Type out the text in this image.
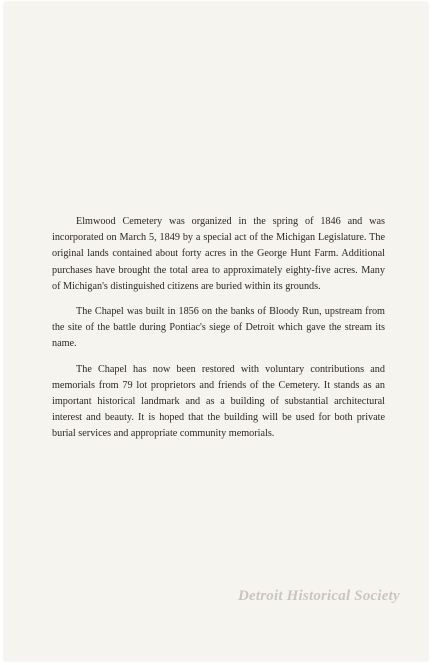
Elmwood Cemetery was organized in the spring of 1846 and was incorporated on March 5, 1849 by a special act of the Michigan Legislature. The original lands contained about forty acres in the George Hunt Farm. Additional purchases have brought the total area to approximately eighty-five acres. Many of Michigan's distinguished citizens are buried within its grounds.

The Chapel was built in 1856 on the banks of Bloody Run, upstream from the site of the battle during Pontiac's siege of Detroit which gave the stream its name.

The Chapel has now been restored with voluntary contributions and memorials from 79 lot proprietors and friends of the Cemetery. It stands as an important historical landmark and as a building of substantial architectural interest and beauty. It is hoped that the building will be used for both private burial services and appropriate community memorials.

Detroit Historical Society
